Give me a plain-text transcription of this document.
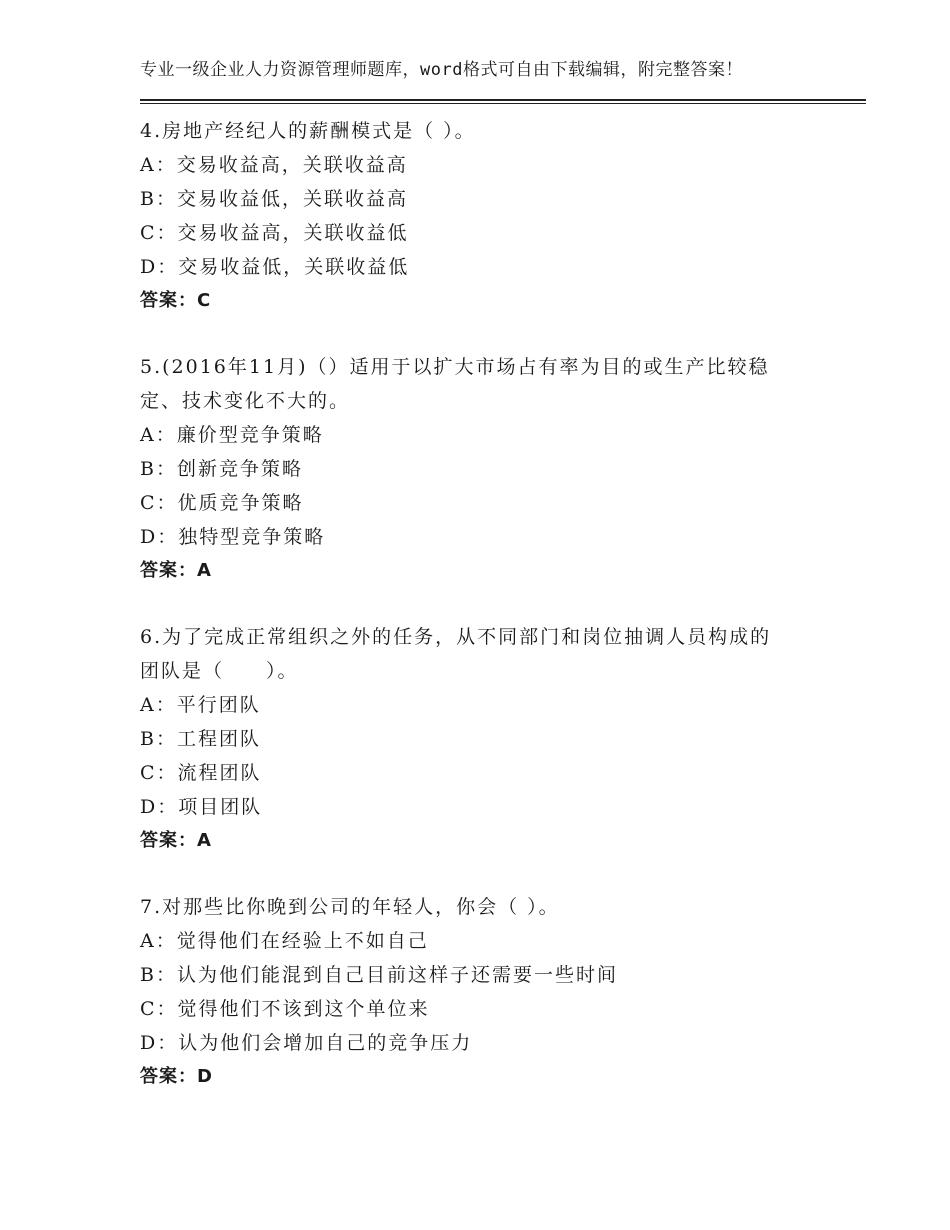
专业一级企业人力资源管理师题库，word格式可自由下载编辑，附完整答案！
4.房地产经纪人的薪酬模式是（ ）。
A：交易收益高，关联收益高
B：交易收益低，关联收益高
C：交易收益高，关联收益低
D：交易收益低，关联收益低
答案：C
5.(2016年11月)（）适用于以扩大市场占有率为目的或生产比较稳
定、技术变化不大的。
A：廉价型竞争策略
B：创新竞争策略
C：优质竞争策略
D：独特型竞争策略
答案：A
6.为了完成正常组织之外的任务，从不同部门和岗位抽调人员构成的
团队是（　　）。
A：平行团队
B：工程团队
C：流程团队
D：项目团队
答案：A
7.对那些比你晚到公司的年轻人，你会（ ）。
A：觉得他们在经验上不如自己
B：认为他们能混到自己目前这样子还需要一些时间
C：觉得他们不该到这个单位来
D：认为他们会增加自己的竞争压力
答案：D
